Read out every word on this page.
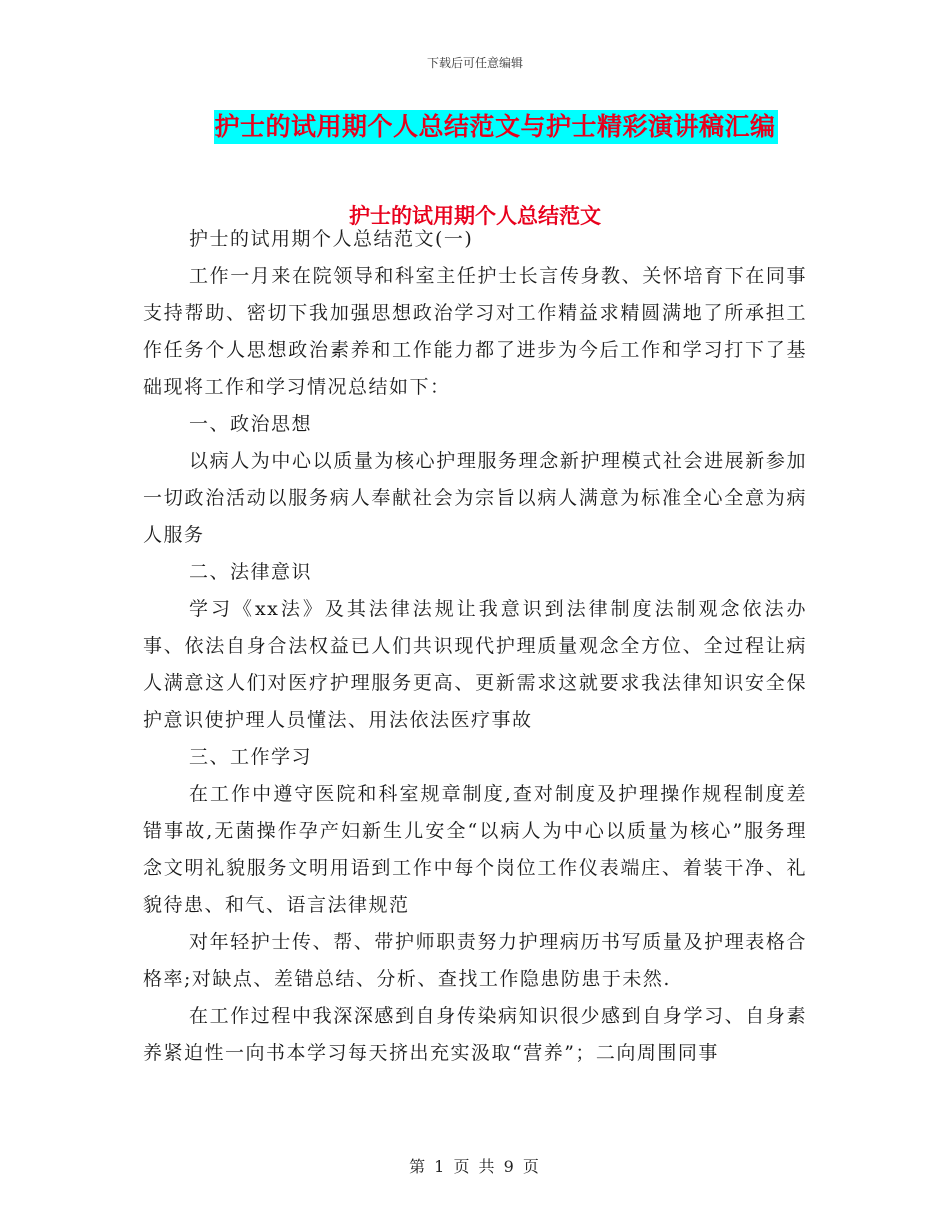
下载后可任意编辑
护士的试用期个人总结范文与护士精彩演讲稿汇编
护士的试用期个人总结范文

护士的试用期个人总结范文(一)

工作一月来在院领导和科室主任护士长言传身教、关怀培育下在同事支持帮助、密切下我加强思想政治学习对工作精益求精圆满地了所承担工作任务个人思想政治素养和工作能力都了进步为今后工作和学习打下了基础现将工作和学习情况总结如下：

一、政治思想

以病人为中心以质量为核心护理服务理念新护理模式社会进展新参加一切政治活动以服务病人奉献社会为宗旨以病人满意为标准全心全意为病人服务

二、法律意识

学习《xx法》及其法律法规让我意识到法律制度法制观念依法办事、依法自身合法权益已人们共识现代护理质量观念全方位、全过程让病人满意这人们对医疗护理服务更高、更新需求这就要求我法律知识安全保护意识使护理人员懂法、用法依法医疗事故

三、工作学习

在工作中遵守医院和科室规章制度,查对制度及护理操作规程制度差错事故,无菌操作孕产妇新生儿安全“以病人为中心以质量为核心”服务理念文明礼貌服务文明用语到工作中每个岗位工作仪表端庄、着装干净、礼貌待患、和气、语言法律规范

对年轻护士传、帮、带护师职责努力护理病历书写质量及护理表格合格率;对缺点、差错总结、分析、查找工作隐患防患于未然.

在工作过程中我深深感到自身传染病知识很少感到自身学习、自身素养紧迫性一向书本学习每天挤出充实汲取“营养”；二向周围同事

第 1 页 共 9 页
